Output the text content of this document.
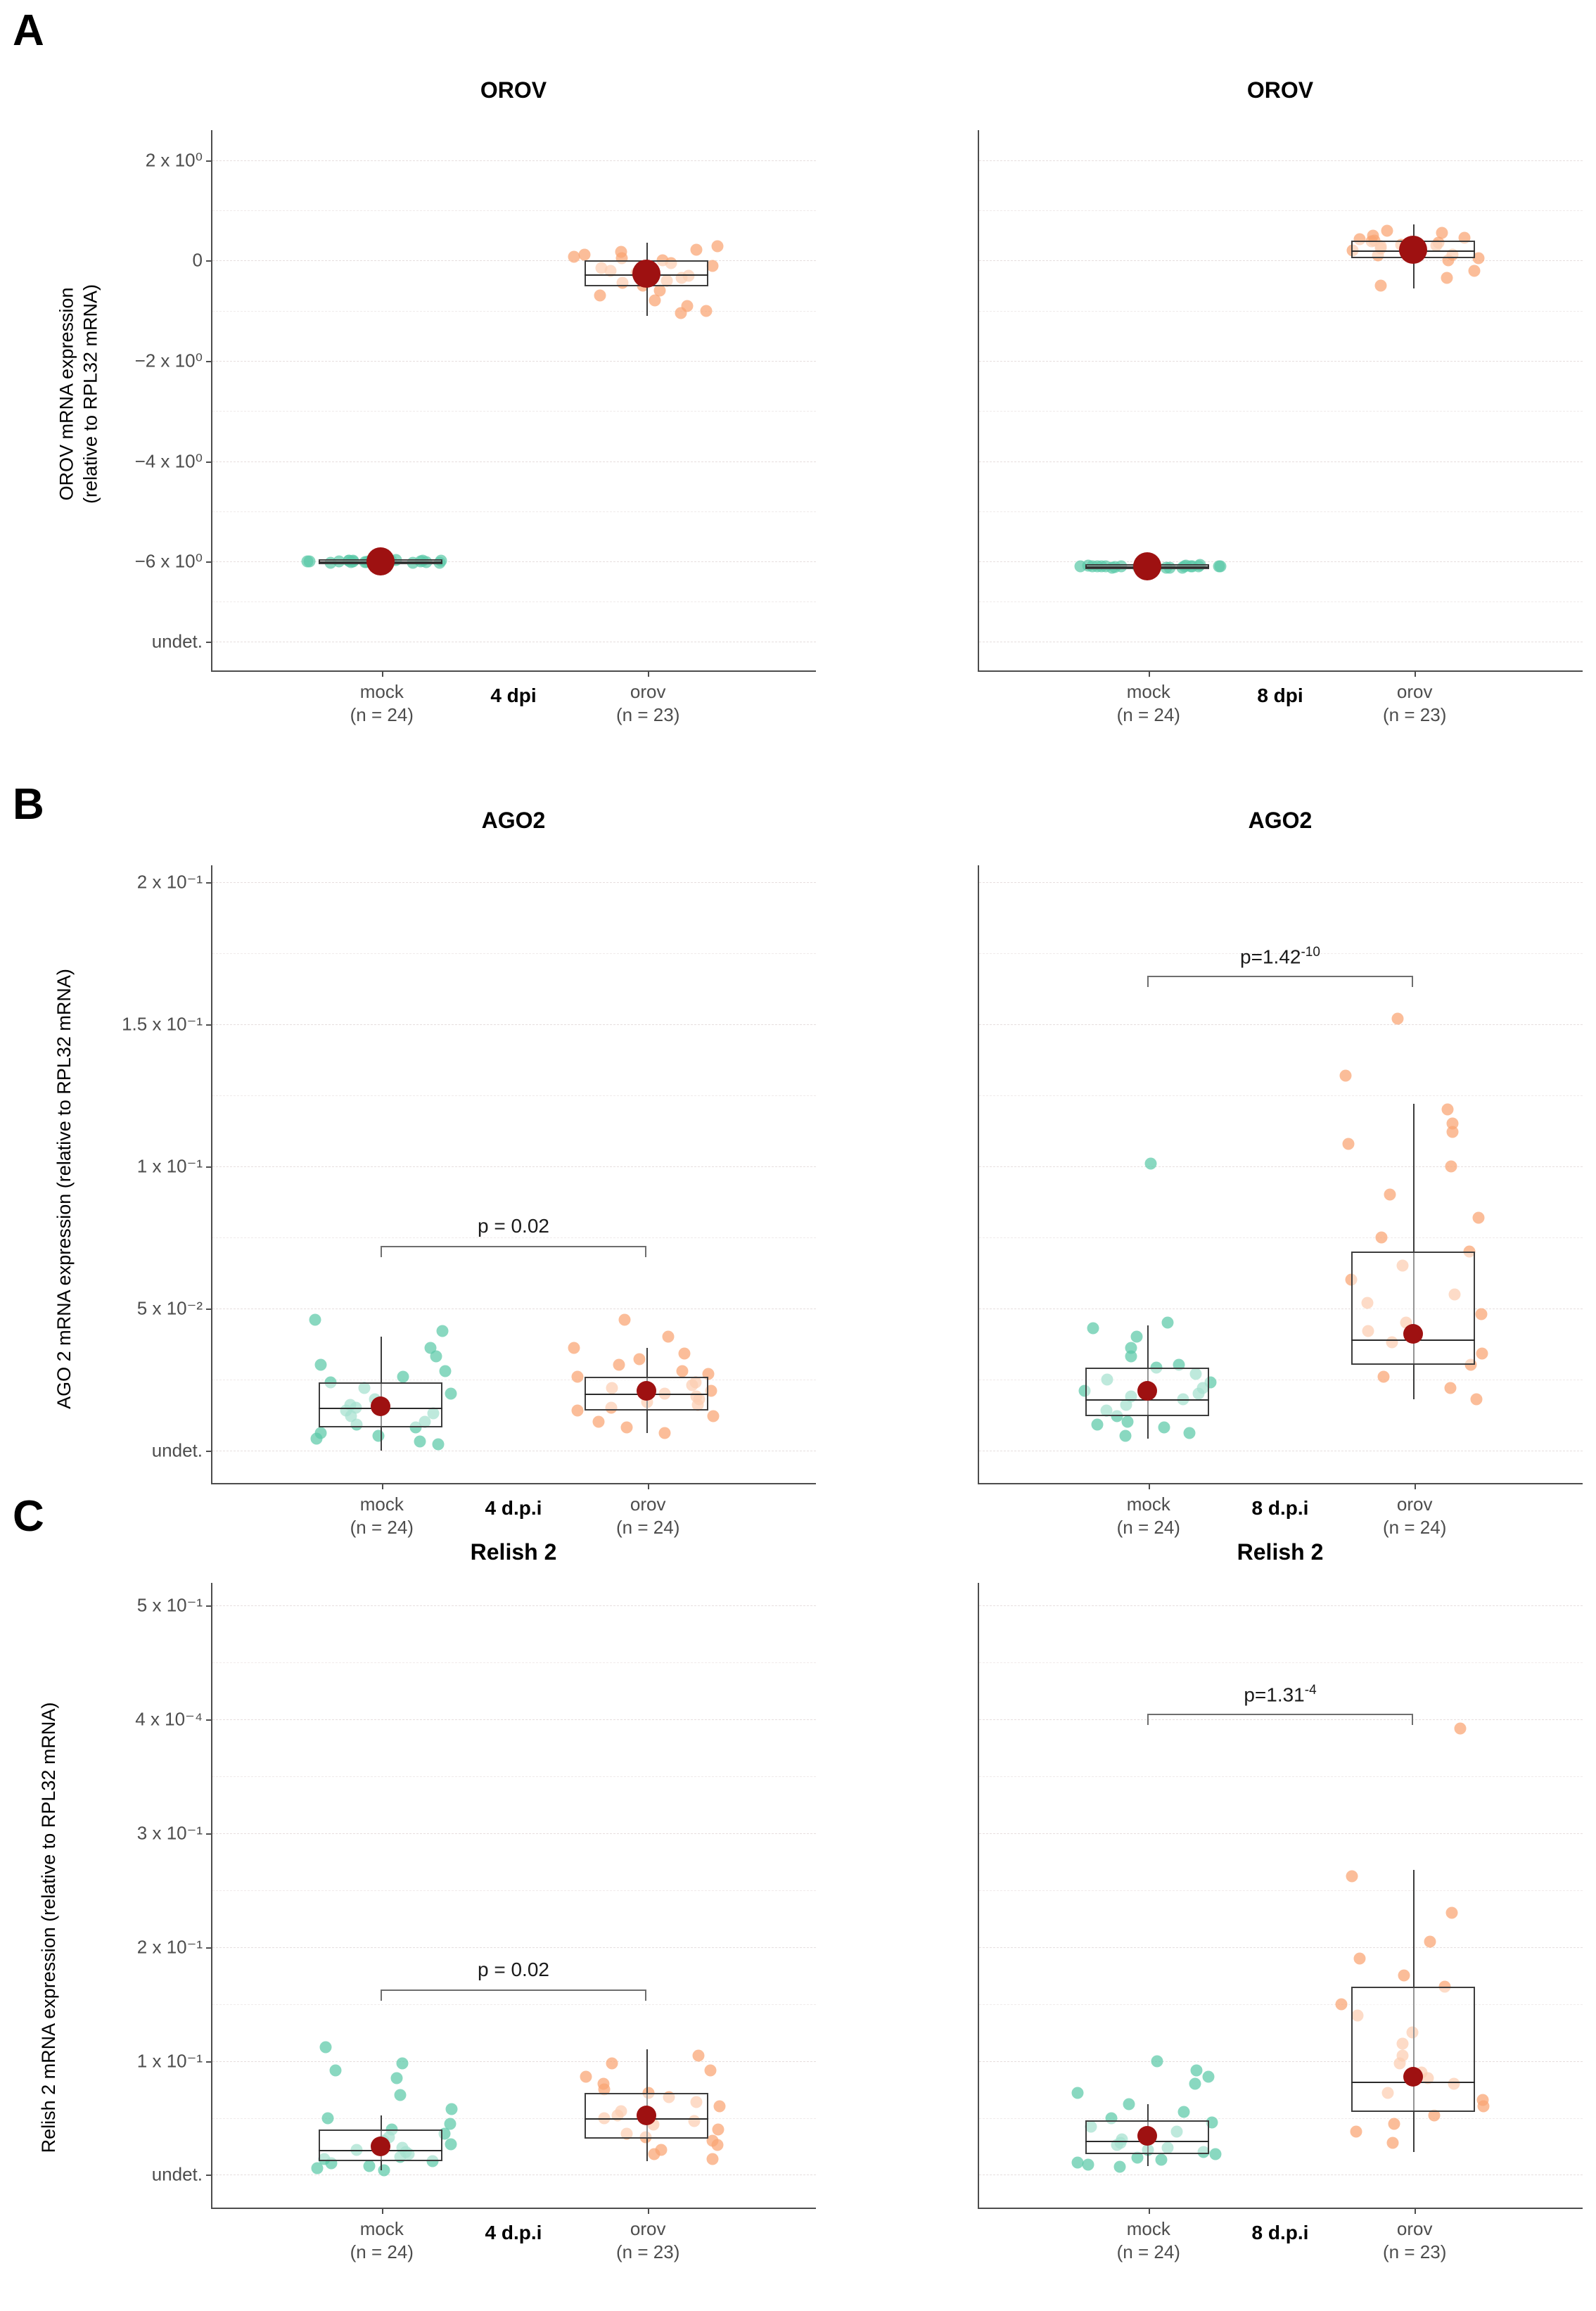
A
B
C
OROV
2 x 10⁰
0
−2 x 10⁰
−4 x 10⁰
−6 x 10⁰
undet.
mock
(n = 24)
orov
(n = 23)
OROV mRNA expression (relative to RPL32 mRNA)
4 dpi
OROV
mock
(n = 24)
orov
(n = 23)
8 dpi
AGO2
2 x 10⁻¹
1.5 x 10⁻¹
1 x 10⁻¹
5 x 10⁻²
undet.
mock
(n = 24)
orov
(n = 24)
AGO 2 mRNA expression (relative to RPL32 mRNA)
4 d.p.i
p = 0.02
AGO2
mock
(n = 24)
orov
(n = 24)
8 d.p.i
$p=1.42^{-10}$
Relish 2
5 x 10⁻¹
4 x 10⁻⁴
3 x 10⁻¹
2 x 10⁻¹
1 x 10⁻¹
undet.
mock
(n = 24)
orov
(n = 23)
Relish 2 mRNA expression (relative to RPL32 mRNA)
4 d.p.i
p = 0.02
Relish 2
mock
(n = 24)
orov
(n = 23)
8 d.p.i
$p=1.31^{-4}$
